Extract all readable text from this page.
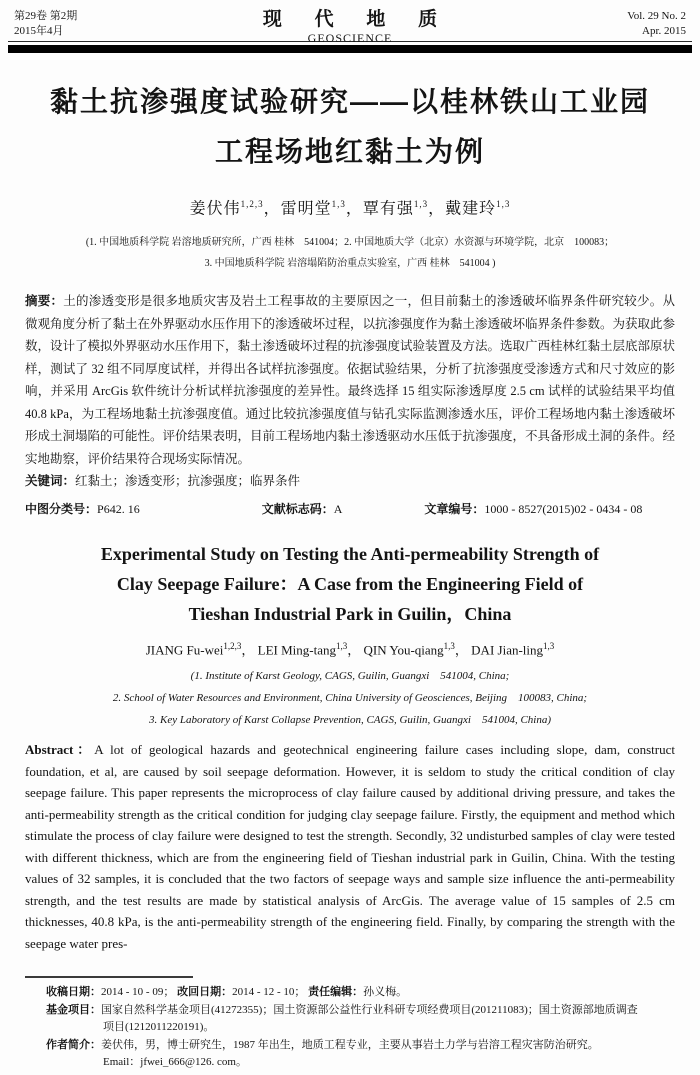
第29卷 第2期
2015年4月
现 代 地 质
GEOSCIENCE
Vol. 29 No. 2
Apr. 2015
黏土抗渗强度试验研究——以桂林铁山工业园
工程场地红黏土为例
姜伏伟$^{1,2,3}$，雷明堂$^{1,3}$，覃有强$^{1,3}$，戴建玲$^{1,3}$
(1. 中国地质科学院 岩溶地质研究所，广西 桂林　541004；2. 中国地质大学（北京）水资源与环境学院，北京　100083；
3. 中国地质科学院 岩溶塌陷防治重点实验室，广西 桂林　541004 )

摘要：土的渗透变形是很多地质灾害及岩土工程事故的主要原因之一，但目前黏土的渗透破坏临界条件研究较少。从微观角度分析了黏土在外界驱动水压作用下的渗透破坏过程，以抗渗强度作为黏土渗透破坏临界条件参数。为获取此参数，设计了模拟外界驱动水压作用下，黏土渗透破坏过程的抗渗强度试验装置及方法。选取广西桂林红黏土层底部原状样，测试了 32 组不同厚度试样，并得出各试样抗渗强度。依据试验结果，分析了抗渗强度受渗透方式和尺寸效应的影响，并采用 ArcGis 软件统计分析试样抗渗强度的差异性。最终选择 15 组实际渗透厚度 2.5 cm 试样的试验结果平均值 40.8 kPa，为工程场地黏土抗渗强度值。通过比较抗渗强度值与钻孔实际监测渗透水压，评价工程场地内黏土渗透破坏形成土洞塌陷的可能性。评价结果表明，目前工程场地内黏土渗透驱动水压低于抗渗强度，不具备形成土洞的条件。经实地勘察，评价结果符合现场实际情况。

关键词：红黏土；渗透变形；抗渗强度；临界条件

中图分类号：P642. 16	文献标志码：A	文章编号：1000 - 8527(2015)02 - 0434 - 08
Experimental Study on Testing the Anti-permeability Strength of
Clay Seepage Failure：A Case from the Engineering Field of
Tieshan Industrial Park in Guilin，China
JIANG Fu-wei$^{1,2,3}$， LEI Ming-tang$^{1,3}$， QIN You-qiang$^{1,3}$， DAI Jian-ling$^{1,3}$
(1. Institute of Karst Geology, CAGS, Guilin, Guangxi　541004, China;
2. School of Water Resources and Environment, China University of Geosciences, Beijing　100083, China;
3. Key Laboratory of Karst Collapse Prevention, CAGS, Guilin, Guangxi　541004, China)

Abstract：A lot of geological hazards and geotechnical engineering failure cases including slope, dam, construct foundation, et al, are caused by soil seepage deformation. However, it is seldom to study the critical condition of clay seepage failure. This paper represents the microprocess of clay failure caused by additional driving pressure, and takes the anti-permeability strength as the critical condition for judging clay seepage failure. Firstly, the equipment and method which stimulate the process of clay failure were designed to test the strength. Secondly, 32 undisturbed samples of clay were tested with different thickness, which are from the engineering field of Tieshan industrial park in Guilin, China. With the testing values of 32 samples, it is concluded that the two factors of seepage ways and sample size influence the anti-permeability strength, and the test results are made by statistical analysis of ArcGis. The average value of 15 samples of 2.5 cm thicknesses, 40.8 kPa, is the anti-permeability strength of the engineering field. Finally, by comparing the strength with the seepage water pres-

收稿日期：2014 - 10 - 09； 改回日期：2014 - 12 - 10； 责任编辑：孙义梅。
基金项目：国家自然科学基金项目(41272355)；国土资源部公益性行业科研专项经费项目(201211083)；国土资源部地质调查
项目(1212011220191)。
作者简介：姜伏伟，男，博士研究生，1987 年出生，地质工程专业，主要从事岩土力学与岩溶工程灾害防治研究。
Email：jfwei_666@126. com。
